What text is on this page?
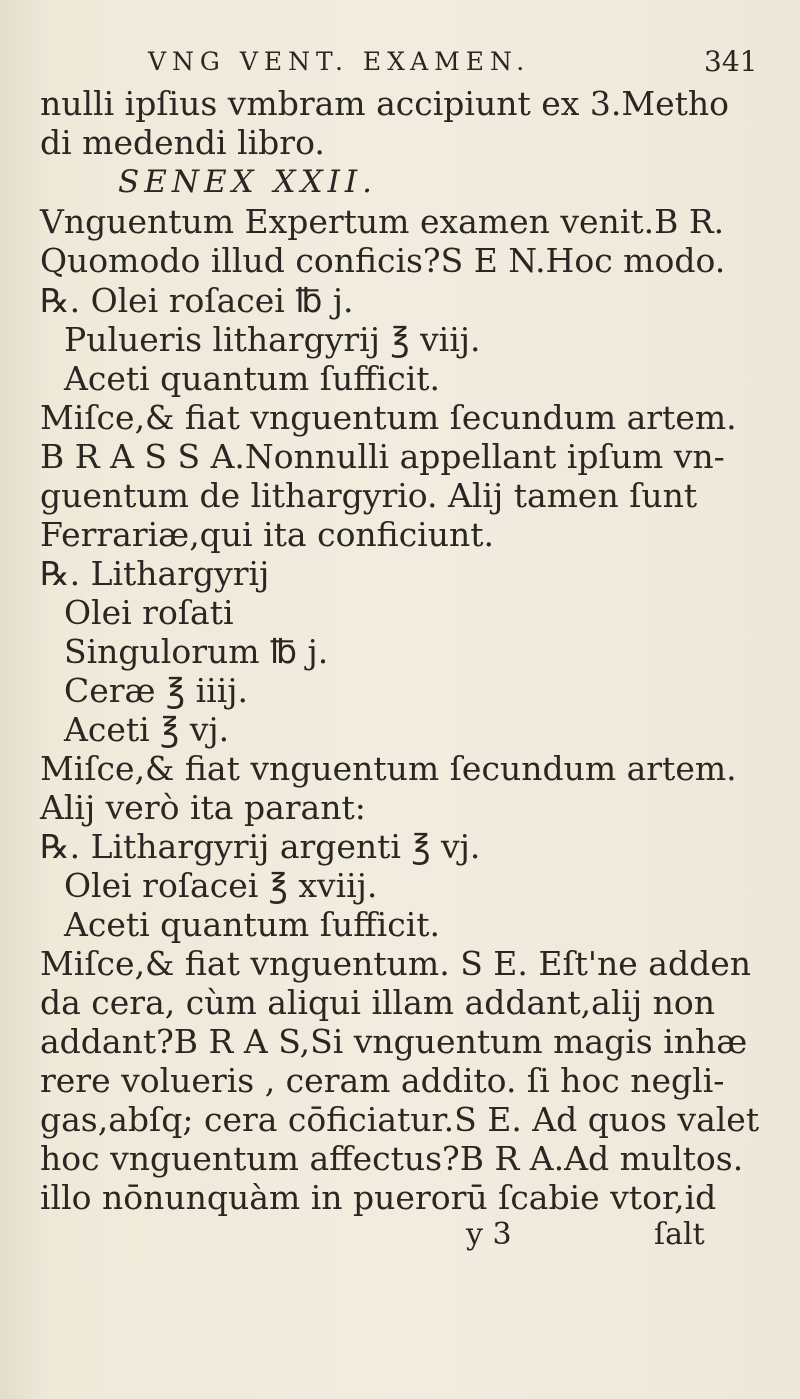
VNG VENT. EXAMEN.	341
nulli ipſius vmbram accipiunt ex 3.Metho
di medendi libro.
SENEX XXII.
Vnguentum Expertum examen venit.B R.
Quomodo illud conficis?S E N.Hoc modo.
℞. Olei roſacei ℔ j.
Pulueris lithargyrij ℥ viij.
Aceti quantum ſufficit.
Miſce,& fiat vnguentum ſecundum artem.
B R A S S A.Nonnulli appellant ipſum vn-
guentum de lithargyrio. Alij tamen ſunt
Ferrariæ,qui ita conficiunt.
℞. Lithargyrij
Olei roſati
Singulorum ℔ j.
Ceræ ℥ iiij.
Aceti ℥ vj.
Miſce,& fiat vnguentum ſecundum artem.
Alij verò ita parant:
℞. Lithargyrij argenti ℥ vj.
Olei roſacei ℥ xviij.
Aceti quantum ſufficit.
Miſce,& fiat vnguentum. S E. Eſt'ne adden
da cera, cùm aliqui illam addant,alij non
addant?B R A S,Si vnguentum magis inhæ
rere volueris , ceram addito. ſi hoc negli-
gas,abſq; cera cōficiatur.S E. Ad quos valet
hoc vnguentum affectus?B R A.Ad multos.
illo nōnunquàm in puerorū ſcabie vtor,id
y 3	ſalt
